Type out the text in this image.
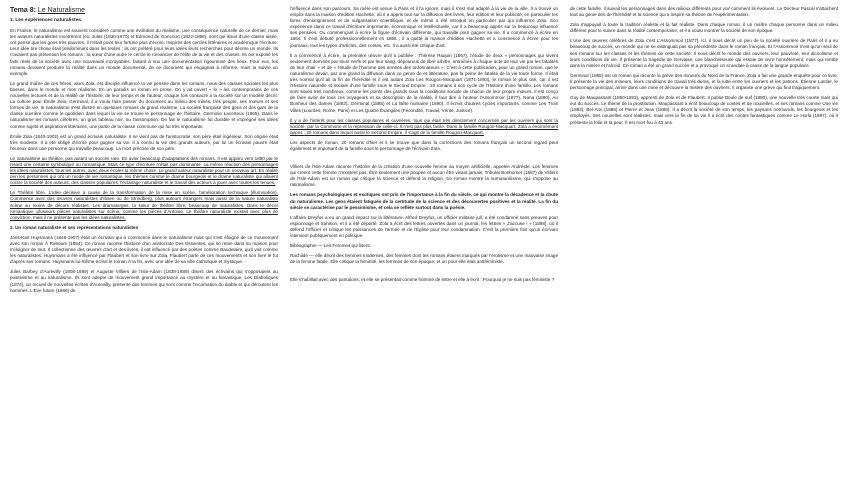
Tema 8: Le Naturalisme
1. Les expériences naturalistes.

En France, le naturalisme est souvent considéré comme une évolution du réalisme, une conséquence naturelle de ce dernier, mais les auteurs naturalistes montrèrent (ex. Jules (1830-1870) et Edmond de Goncourt (1822-1896), sont qui issus d'une classe aisée, ont pensé que les gens très pauvres, il n'était point leur fortune plus d'écrire. Inspirés des cercles littéraires et académique l'écriture. Leur idée tire chose était prédominant dans les textes ; ils ont préféré pour leurs idées leurs recherches pour décrire un monde. Ils n'avaient pas prétention les romans : la sœur d'une autre le cercle le romancier de l'élite de la vie et des choses. Ils ont exposé les faits réels de la société avec une nouveauté incroyables, faisant à eux une documentation rigoureuse des lieux. Pour eux, les romans devaient produire la réalité dans un monde documenté, de ce document qui engageait à réforme, mais la suivre un exemple.

Le grand maître de ces frères, alors Zola, est disciple influencé la vie pensée dans les romans, nous des classes sociales les plus basses, dans le monde et mon réalisme. En un paradis un roman en prose. On y ait ouvert « le » les contemporains de ces nouvelles lectures et de la réalité de l'histoire, de leur temps et de l'auteur, chaque fois consacré a la société sur un modèle décrit. La culture pour Émile Zola, Germinal, il a voulu faire passer du document au milieu des mines, très peuple, ses mœurs et ses formes de vie, le naturalisme s'est illustré en quelques romans de grand réalisme, La société française des gens et des gars de la classe ouvrière comme le quotidien dans lequel la vie se trouve le personnage de l'histoire, Germinie Lacerteux (1865). Dans le naturalisme les romans célèbres, un gros tableau noir, ou l'assomption. De fait le naturalisme fut durable et imprégné ses idées comme sujets et aspirations littéraires, une partie de la classe commune qui fut très importante.

Émile Zola (1840-1902) est un grand écrivain naturaliste. Il ne vient pas de l'aristocratie, son père était ingénieur. Son origine était très modeste. Il a été obligé d'écrire pour gagner sa vie. Il a connu la vie des grands auteurs, par lui un écrivain pauvre était heureux dans une personne qui travaille beaucoup. La mort précoce de son père.

Le naturalisme au théâtre, pas autant un succès rare. En avoir beaucoup d'adaptations des romans. Il est apparu vers 1880 par le retard une certaine symbolique ou romantique. Mais ce type d'écriture n'était pas dominante. La même réaction des personnages les idées naturalistes, tous les autres, avec deux écoles la même chose. Le grand auteur naturaliste pour un nouveau art. En réalité rien les personnes qui ont un mode de vie romantique, les thèmes comme le drame bourgeois et le drame naturaliste qui allaient contre la société des auteurs, des classes populaires, l'éclairage naturaliste et le travail des acteurs à jouer avec toutes les tenues.

Le Théâtre libre. L'idée décisive à cause de la transformation de la mise en scène, l'amélioration technique (illumination). Commence avec des œuvres naturalistes d'Ibsen ou de Strindberg, plus auteurs étrangers mais aussi de la nature naturaliste scène au moins de décors réalistes. Les dramaturges, la sœur de théâtre libre, beaucoup de naturalistes. Dans le décor romantique, plusieurs pièces naturalistes sur scène, comme les pièces d'Antoine. Le théâtre naturaliste existait avec plus de conviction, mais il ne présente pas les idées naturalistes.

2. Un roman naturaliste et ses représentations naturalistes

Joris-Karl Huysmans (1848-1907) était un écrivain qui a commencé dans le naturalisme mais qui s'est éloigné de ce mouvement avec son roman À Rebours (1884). Ce roman raconte l'histoire d'un aristocrate Des Esseintes, qui se retire dans sa maison pour s'éloigner de tout. Il collectionne des œuvres d'art et des livres, il est influencé par des poètes comme Baudelaire, qu'il voit comme les naturalistes. Huysmans a été influencé par Flaubert et son livre sur Zola, Flaubert parle de ces mouvements et son livre le fut d'après ses romans. Huysmans lui-même écrivit le roman À la fin, avec une idée de sa ville catholique et mystique.

Jules Barbey d'Aurevilly (1808-1889) et Auguste Villiers de l'Isle-Adam (1838-1889) disent des écrivains qui s'opposaient au positivisme et au naturalisme. Ils sont adepte de mouvement grand importance au mystère et au fantastique. Les Diaboliques (1874), un recueil de nouvelles écrites d'Aurevilly, présente des femmes qui sont comme l'incarnation du diable et qui déroutent les hommes. L'Eve future (1886) de

l'influencé dans son parcours. Sa mère est venue à Paris et il l'a ignoré, mais il s'est mal adapté à la vie de la ville. Il a trouvé un emploi dans la maison d'édition Hachette, où il a appris tout sur la diffusion des livres, leur édition et leur publicité, en particulier les livres d'enseignement et de vulgarisation scientifique, et de même a été introduit en particulier par qui influence Zola. Son expérience dans ce travail d'écriture importante, économique et intellectuelle, car il a beaucoup appris sur la beaucoup influencé ses pensées. Ou commençant à écrire la figure d'écrivain différente, qui travaille pour gagner sa vie. Il a commencé à écrire en 1864. Il s'est débuté professionnellement en 1866 ; il a quitté la maison d'édition Hachette et a commencé à écrire pour les journaux, tout les types d'articles, des contes, etc. Il a aussi été critique d'art.

Il a commencé à écrire, la première œuvre qu'il a publiée : Thérèse Raquin (1867), l'étude de deux « personnages qui vivent seulement dominés par leurs nerfs et par leur sang, dépourvus de libre arbitre, entraînés à chaque acte de leur vie par les fatalités de leur chair » et de « l'étude de l'homme des années des ordonnateurs ». C'est à cette publication, pour un grand roman, que le naturalisme devait, par une grand la diffusion dans ce genre de et littérature, pas la peine de fatalité de la vie toute forme. Il était très normal qu'il ait la fin de l'hérédité et il est autant Zola Les Rougon-Macquart (1871-1893), le roman le plus cité, car il est l'Histoire naturelle et sociale d'une famille sous le Second Empire ; 20 romans à son cycle de l'Histoire d'une famille. Les romans sont situés très nombreux, comme les points des grands sous la conditions sociale de chacun de leur propre mœurs. Il est conçu de faire avoir de tous ces voyageurs et sa description de la réalité, il faut dire à l'auteur l'Assommoir (1877), Nana (1880), Au Bonheur des dames (1883), Germinal (1885) et La Bête humaine (1890). Il écrivit d'autres cycles importants, comme Les Trois Villes (Lourdes, Rome, Paris) et Les Quatre Évangiles (Fécondité, Travail, Vérité, Justice).

Il y a de l'intérêt pour les classes populaires et ouvrières, tous qui était très directement concernés par les ouvriers qui sont la société, par la Commune et la répression de celle-ci. Il n'est pas plus facile. Dans la famille Rougon-Macquart, Zola a énormément appris : 20 romans dans lequel aussi le Second Empire, il s'agit de la famille Rougon-Macquart.

Les aspects de roman, 20 romans d'hier et il se trouve que dans la corrections des romans français un second regard peut également et important de la famille sous le personnage de l'écrivain Zola.

Villiers de l'Isle-Adam raconte l'histoire de la création d'une nouvelle femme au moyen artificielle, appelée Andréide. Les femmes qui créent cette femme n'existent pas. Être seulement une poupée et aucun être vivant jamais, Tribulat Bonhomet (1887) de Villiers de l'Isle-Adam est un roman qui critique la science et défend la religion. Ce roman montre la surnaturalisme, qui s'oppose au rationalisme.

Les romans psychologiques et exotiques ont pris de l'importance à la fin du siècle, ce qui montre la décadence et la chute du naturalisme. Les gens étaient fatigués de la certitude de la science et des découvertes positives et la réalité. La fin du siècle se caractérise par le pessimisme, et cela se reflète surtout dans la poésie.

L'affaire Dreyfus a eu un grand impact sur la littérature. Alfred Dreyfus, un officier militaire juif, a été condamné sans preuves pour espionnage et trahison, et il a été déporté. Zola a écrit des lettres ouvertes dans un journal, les lettres « J'accuse ! » (1898), où il défend l'officier et critique les puissances de l'armée et de l'Église pour leur condamnation. C'est la première fois qu'un écrivain intervient publiquement en politique.

Bibliographie — Les Femmes qui lisent.

Rachilde — elle décrit des femmes modernes, des femmes dont les romans étaient marqués par l'érotisme et une mauvaise image de la femme fatale. Elle critique la féminité, les femmes de son époque, et un pour elle était antiféministe.

Elle s'habillait avec des pantalons, et elle se présentait comme homme de lettre et elle a écrit : Pourquoi je ne suis pas féministe ?

de cette famille. Il suivait les personnages dans des milieux différents pour voir comment ils évoluent. Le Docteur Pascal s'attachent tout au génie des de l'hérédité et la science qui a inspiré sa théorie de l'expérimentation.

Zola s'appuyait à toute la tradition réaliste et la fait réaliste. Dans chaque roman, il un maître chaque personne dans un milieu différent pour le suivre dans la réalité contemporaine, et il a voulu montrer la société de son époque.

L'une des œuvres célèbres de Zola c'est L'Assommoir (1877). Ici, il nous décrit un peu de la société ouvrière de Paris et il a eu beaucoup de succès, un monde qui ne se distinguait pas sa précédente dans le roman français. Et l'Assommoir n'est qu'un seul de ses romans sur les classes et les thèmes de cette société. Il nous décrit le monde des ouvriers, leur pauvreté, leur alcoolisme et leurs conditions de vie. Il présente la tragédie de Gervaise, une blanchisseuse qui essaie de vivre honnêtement, mais qui tombe dans la misère et l'alcool. Ce roman a été un grand succès et a provoqué un scandale à cause de la langue populaire.

Germinal (1885) est un roman qui raconte la grève des mineurs du Nord de la France. Zola a fait une grande enquête pour ce livre. Il présente la vie des mineurs, leurs conditions de travail très dures, et la lutte entre les ouvriers et les patrons. Étienne Lantier, le personnage principal, arrive dans une mine et découvre la misère des ouvriers. Il organise une grève qui finit tragiquement.

Guy de Maupassant (1850-1893), apprenti de Zola et de Flaubert. Il publie Boule de suif (1880), une nouvelle très courte mais qui eut du succès. Le thème de la prostitution. Maupassant a écrit beaucoup de contes et de nouvelles, et ses romans comme Une vie (1883), Bel-Ami (1885) et Pierre et Jean (1888). Il a décrit la société de son temps, les paysans normands, les bourgeois et les employés. Ses nouvelles sont réalistes, mais vers la fin de sa vie il a écrit des contes fantastiques comme Le Horla (1887), où il présente la folie et la peur. Il est mort fou à 43 ans.
